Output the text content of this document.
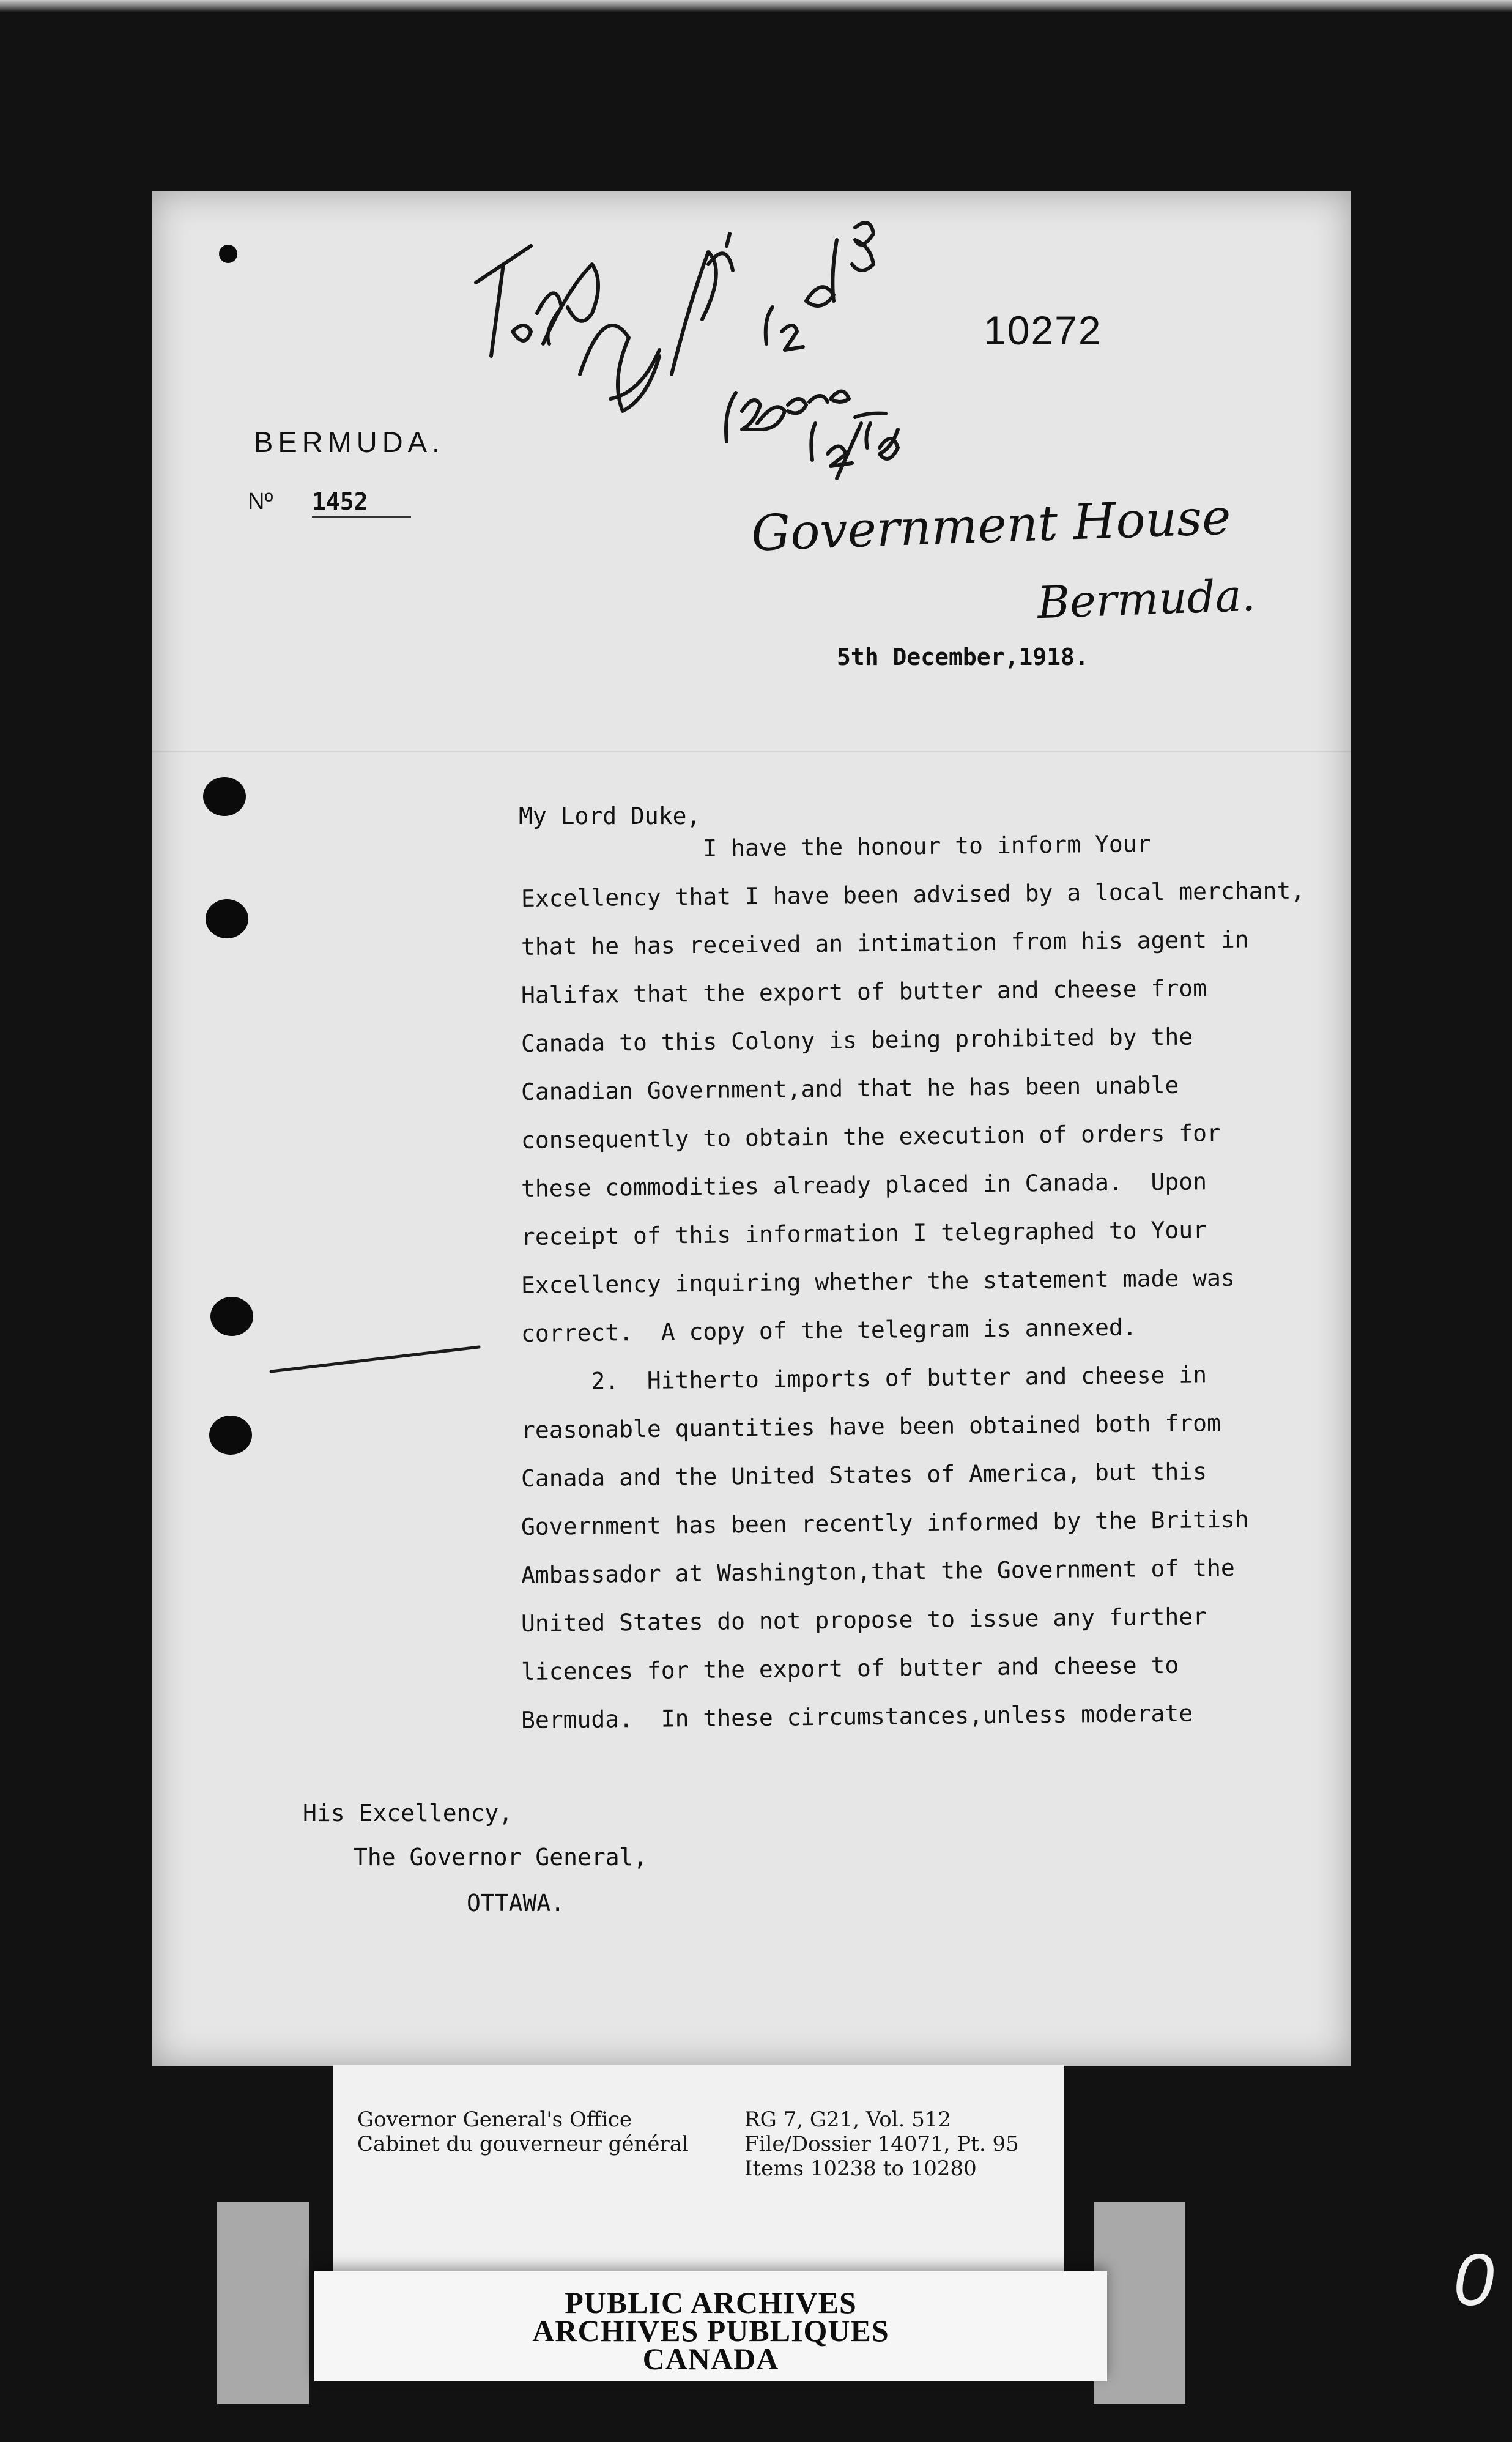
BERMUDA.
Nº 1452
10272
Government House
Bermuda.
5th December,1918.
My Lord Duke,
I have the honour to inform Your
Excellency that I have been advised by a local merchant,
that he has received an intimation from his agent in
Halifax that the export of butter and cheese from
Canada to this Colony is being prohibited by the
Canadian Government,and that he has been unable
consequently to obtain the execution of orders for
these commodities already placed in Canada.  Upon
receipt of this information I telegraphed to Your
Excellency inquiring whether the statement made was
correct.  A copy of the telegram is annexed.
2.  Hitherto imports of butter and cheese in
reasonable quantities have been obtained both from
Canada and the United States of America, but this
Government has been recently informed by the British
Ambassador at Washington,that the Government of the
United States do not propose to issue any further
licences for the export of butter and cheese to
Bermuda.  In these circumstances,unless moderate
His Excellency,
The Governor General,
OTTAWA.
Governor General's Office
Cabinet du gouverneur général
RG 7, G21, Vol. 512
File/Dossier 14071, Pt. 95
Items 10238 to 10280
PUBLIC ARCHIVES
ARCHIVES PUBLIQUES
CANADA
0
